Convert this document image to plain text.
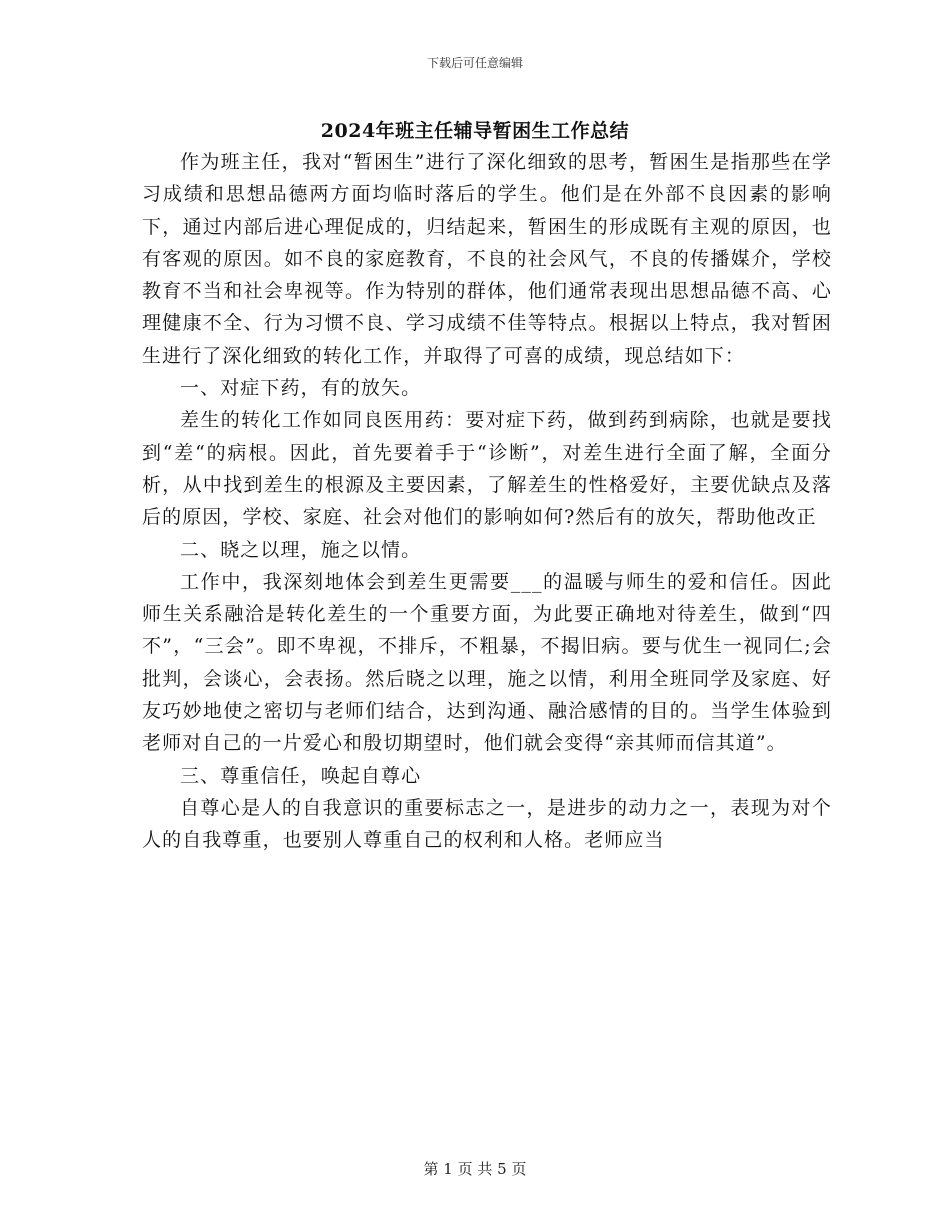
下载后可任意编辑
2024年班主任辅导暂困生工作总结

作为班主任，我对“暂困生”进行了深化细致的思考，暂困生是指那些在学习成绩和思想品德两方面均临时落后的学生。他们是在外部不良因素的影响下，通过内部后进心理促成的，归结起来，暂困生的形成既有主观的原因，也有客观的原因。如不良的家庭教育，不良的社会风气，不良的传播媒介，学校教育不当和社会卑视等。作为特别的群体，他们通常表现出思想品德不高、心理健康不全、行为习惯不良、学习成绩不佳等特点。根据以上特点，我对暂困生进行了深化细致的转化工作，并取得了可喜的成绩，现总结如下：

一、对症下药，有的放矢。

差生的转化工作如同良医用药：要对症下药，做到药到病除，也就是要找到“差“的病根。因此，首先要着手于“诊断”，对差生进行全面了解，全面分析，从中找到差生的根源及主要因素，了解差生的性格爱好，主要优缺点及落后的原因，学校、家庭、社会对他们的影响如何?然后有的放矢，帮助他改正

二、晓之以理，施之以情。

工作中，我深刻地体会到差生更需要___的温暖与师生的爱和信任。因此师生关系融洽是转化差生的一个重要方面，为此要正确地对待差生，做到“四不”，“三会”。即不卑视，不排斥，不粗暴，不揭旧病。要与优生一视同仁;会批判，会谈心，会表扬。然后晓之以理，施之以情，利用全班同学及家庭、好友巧妙地使之密切与老师们结合，达到沟通、融洽感情的目的。当学生体验到老师对自己的一片爱心和殷切期望时，他们就会变得“亲其师而信其道”。

三、尊重信任，唤起自尊心

自尊心是人的自我意识的重要标志之一，是进步的动力之一，表现为对个人的自我尊重，也要别人尊重自己的权利和人格。老师应当

第 1 页 共 5 页
